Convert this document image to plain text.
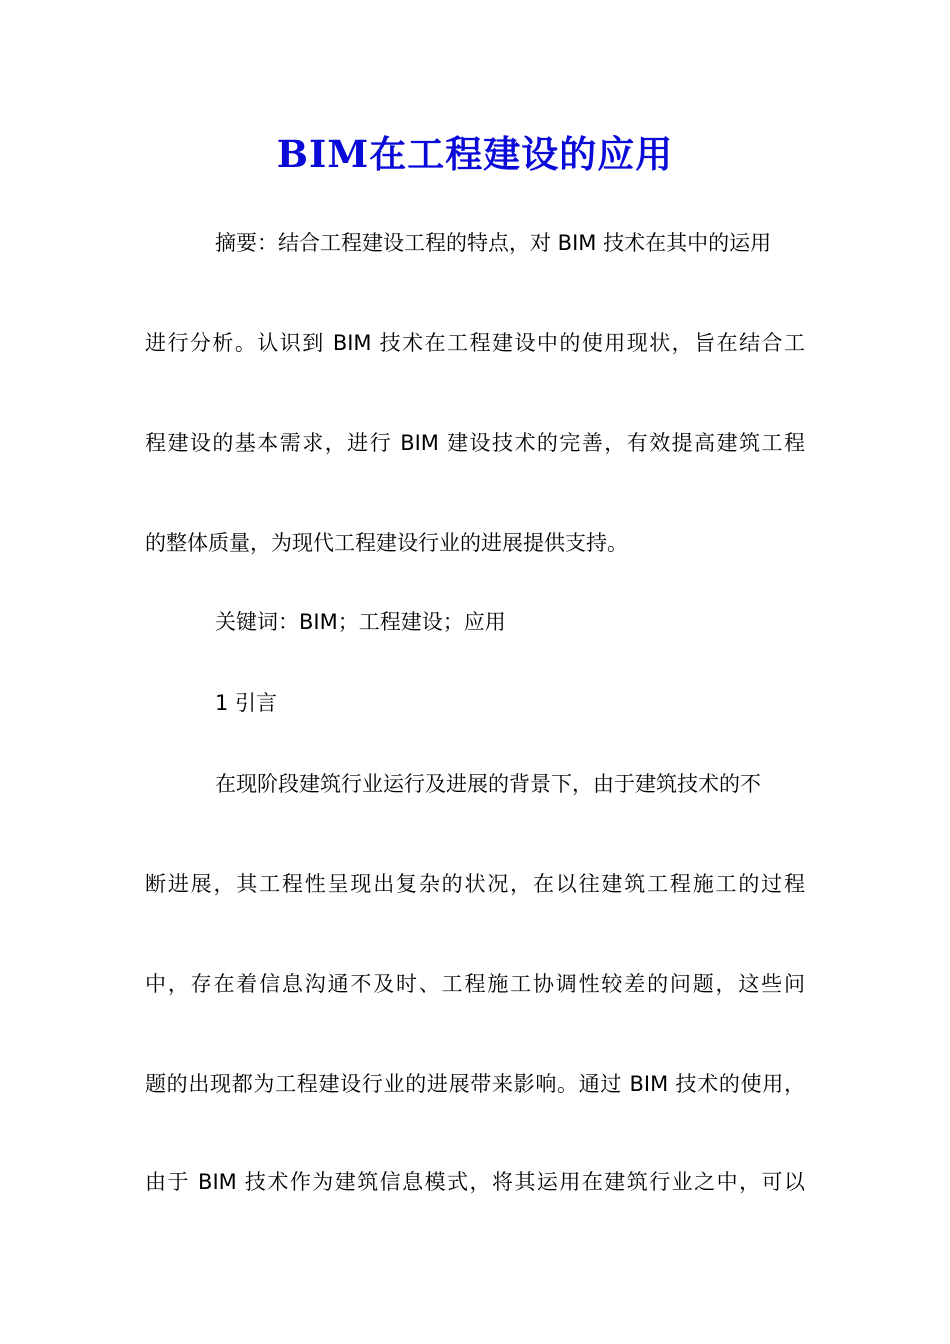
BIM在工程建设的应用
摘要：结合工程建设工程的特点，对 BIM 技术在其中的运用
进行分析。认识到 BIM 技术在工程建设中的使用现状，旨在结合工
程建设的基本需求，进行 BIM 建设技术的完善，有效提高建筑工程
的整体质量，为现代工程建设行业的进展提供支持。
关键词：BIM；工程建设；应用
1 引言
在现阶段建筑行业运行及进展的背景下，由于建筑技术的不
断进展，其工程性呈现出复杂的状况，在以往建筑工程施工的过程
中，存在着信息沟通不及时、工程施工协调性较差的问题，这些问
题的出现都为工程建设行业的进展带来影响。通过 BIM 技术的使用，
由于 BIM 技术作为建筑信息模式，将其运用在建筑行业之中，可以
